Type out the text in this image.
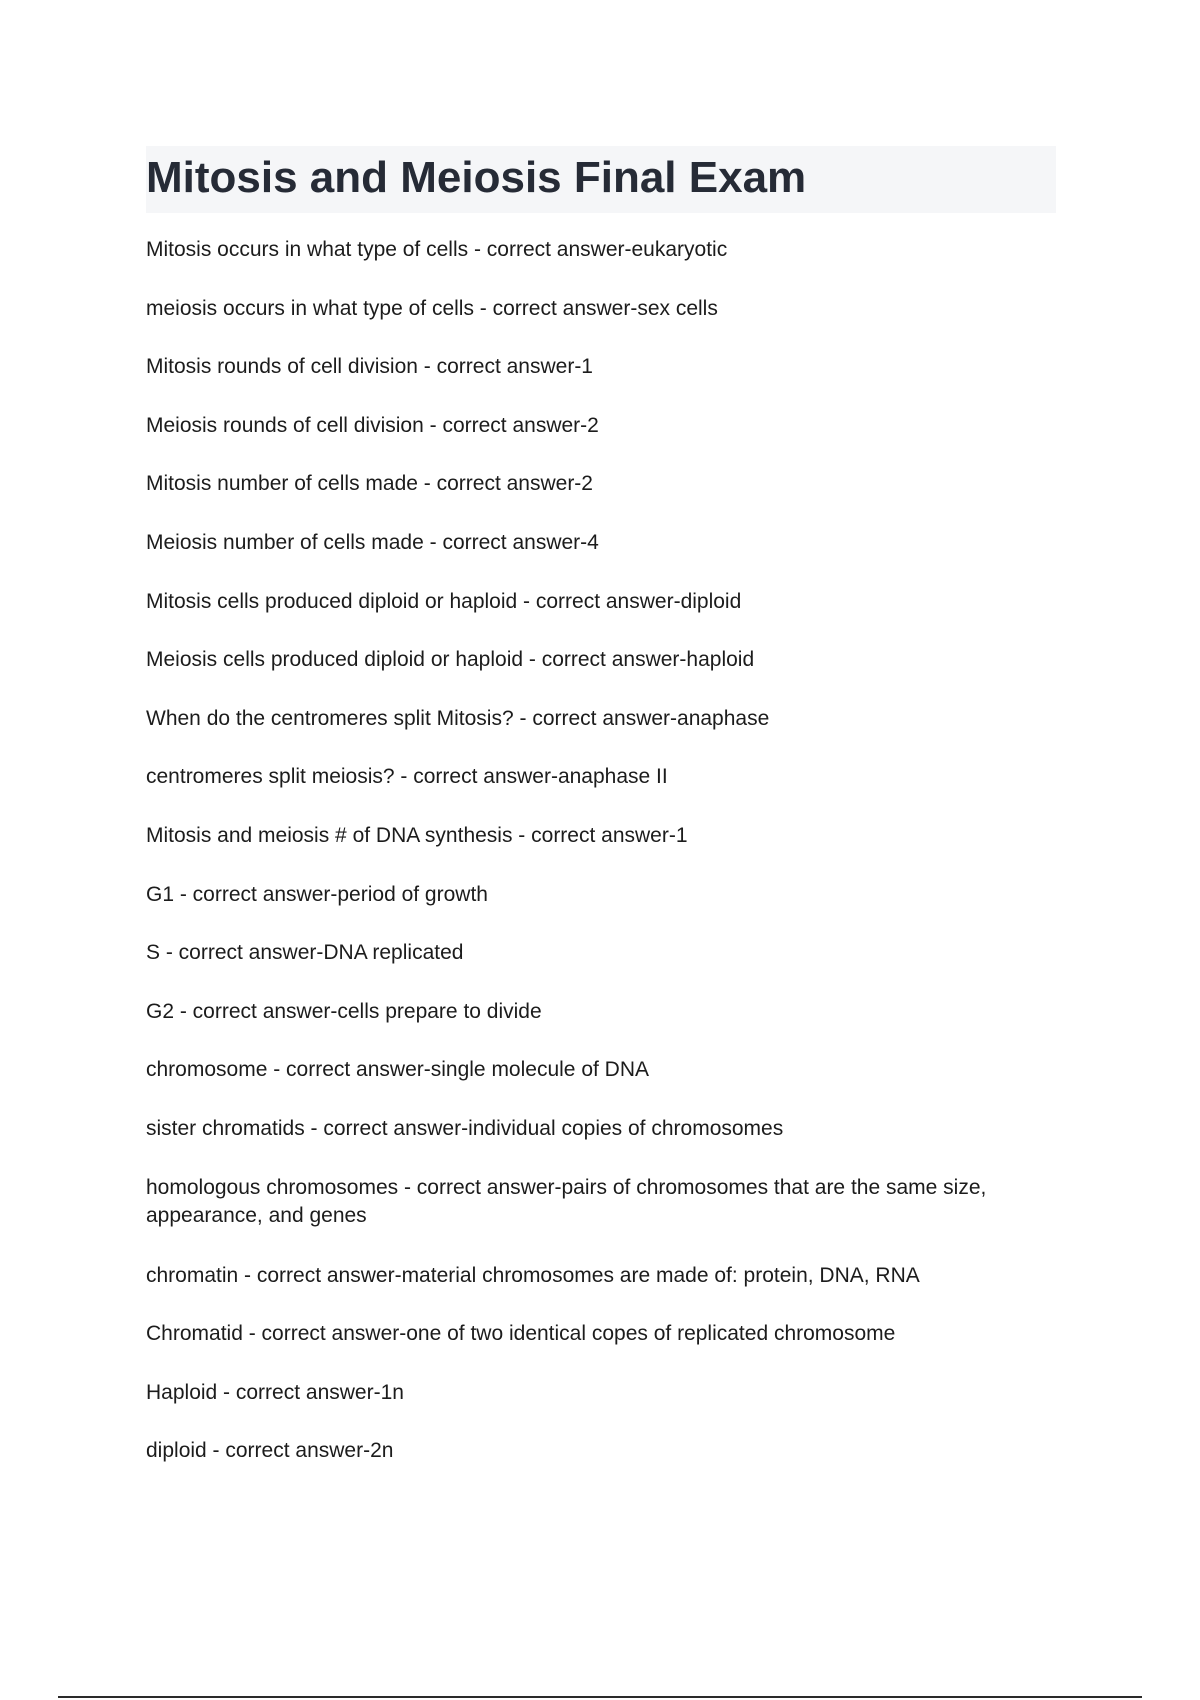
Mitosis and Meiosis Final Exam
Mitosis occurs in what type of cells - correct answer-eukaryotic
meiosis occurs in what type of cells - correct answer-sex cells
Mitosis rounds of cell division - correct answer-1
Meiosis rounds of cell division - correct answer-2
Mitosis number of cells made - correct answer-2
Meiosis number of cells made - correct answer-4
Mitosis cells produced diploid or haploid - correct answer-diploid
Meiosis cells produced diploid or haploid - correct answer-haploid
When do the centromeres split Mitosis? - correct answer-anaphase
centromeres split meiosis? - correct answer-anaphase II
Mitosis and meiosis # of DNA synthesis - correct answer-1
G1 - correct answer-period of growth
S - correct answer-DNA replicated
G2 - correct answer-cells prepare to divide
chromosome - correct answer-single molecule of DNA
sister chromatids - correct answer-individual copies of chromosomes
homologous chromosomes - correct answer-pairs of chromosomes that are the same size, appearance, and genes
chromatin - correct answer-material chromosomes are made of: protein, DNA, RNA
Chromatid - correct answer-one of two identical copes of replicated chromosome
Haploid - correct answer-1n
diploid - correct answer-2n
